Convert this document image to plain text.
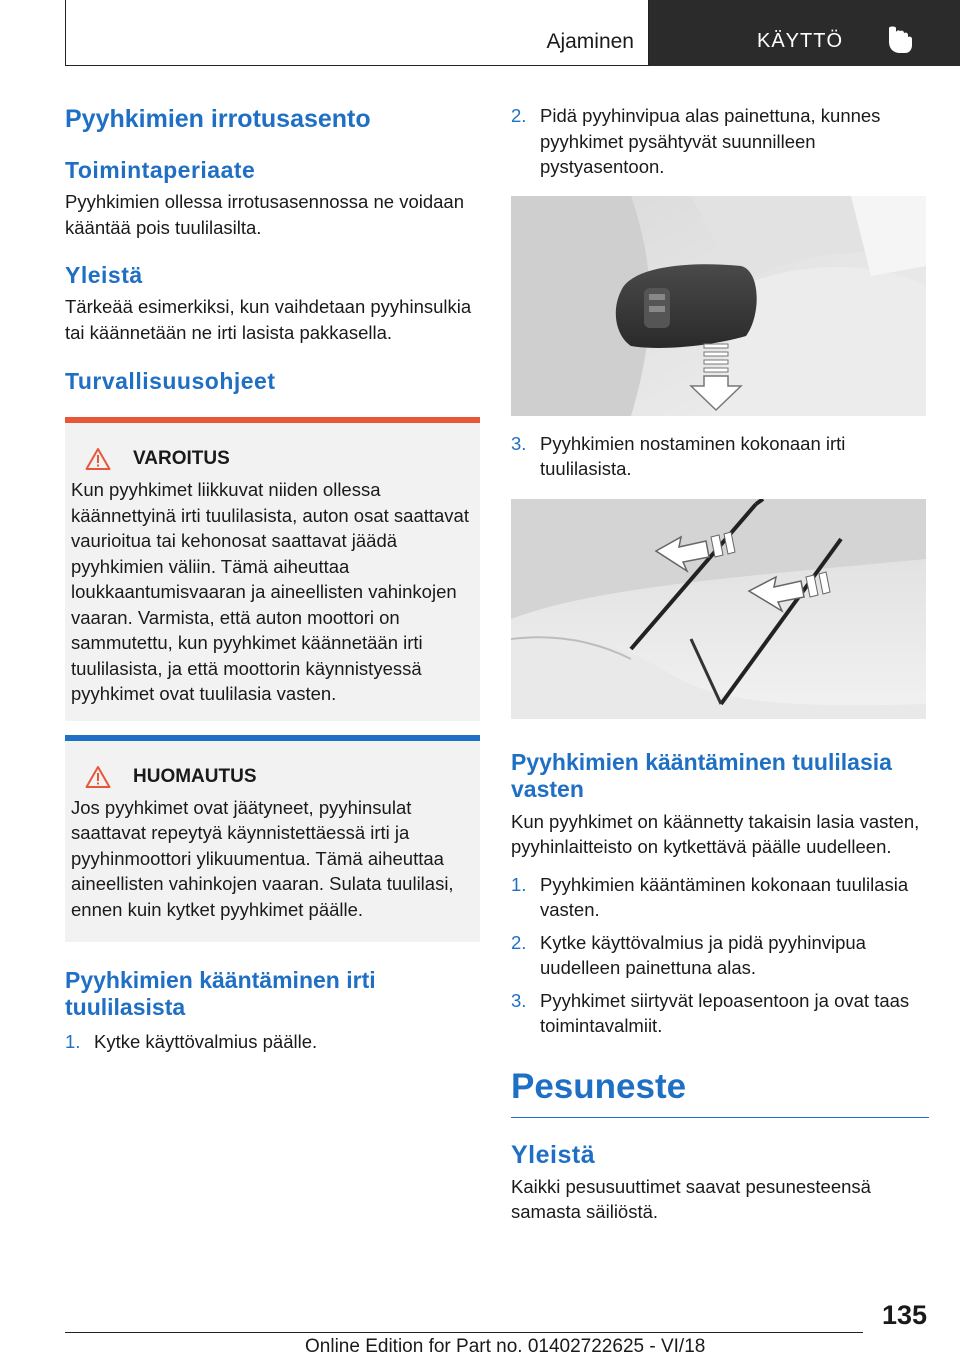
Ajaminen	KÄYTTÖ
Pyyhkimien irrotusasento
Toimintaperiaate
Pyyhkimien ollessa irrotusasennossa ne voidaan kääntää pois tuulilasilta.
Yleistä
Tärkeää esimerkiksi, kun vaihdetaan pyyhinsulkia tai käännetään ne irti lasista pakkasella.
Turvallisuusohjeet
VAROITUS
Kun pyyhkimet liikkuvat niiden ollessa käännettyinä irti tuulilasista, auton osat saattavat vaurioitua tai kehonosat saattavat jäädä pyyhkimien väliin. Tämä aiheuttaa loukkaantumisvaaran ja aineellisten vahinkojen vaaran. Varmista, että auton moottori on sammutettu, kun pyyhkimet käännetään irti tuulilasista, ja että moottorin käynnistyessä pyyhkimet ovat tuulilasia vasten.
HUOMAUTUS
Jos pyyhkimet ovat jäätyneet, pyyhinsulat saattavat repeytyä käynnistettäessä irti ja pyyhinmoottori ylikuumentua. Tämä aiheuttaa aineellisten vahinkojen vaaran. Sulata tuulilasi, ennen kuin kytket pyyhkimet päälle.
Pyyhkimien kääntäminen irti tuulilasista
1. Kytke käyttövalmius päälle.
2. Pidä pyyhinvipua alas painettuna, kunnes pyyhkimet pysähtyvät suunnilleen pystyasentoon.
3. Pyyhkimien nostaminen kokonaan irti tuulilasista.
Pyyhkimien kääntäminen tuulilasia vasten
Kun pyyhkimet on käännetty takaisin lasia vasten, pyyhinlaitteisto on kytkettävä päälle uudelleen.
1. Pyyhkimien kääntäminen kokonaan tuulilasia vasten.
2. Kytke käyttövalmius ja pidä pyyhinvipua uudelleen painettuna alas.
3. Pyyhkimet siirtyvät lepoasentoon ja ovat taas toimintavalmiit.
Pesuneste
Yleistä
Kaikki pesusuuttimet saavat pesunesteensä samasta säiliöstä.
135
Online Edition for Part no. 01402722625 - VI/18
